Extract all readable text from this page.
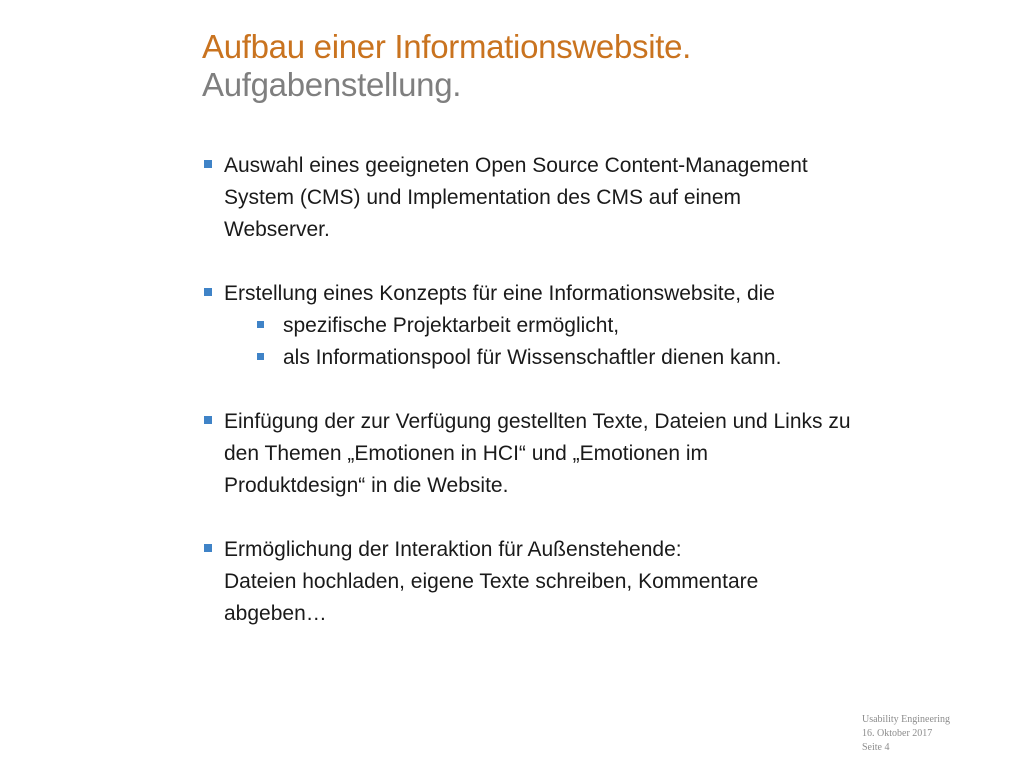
Aufbau einer Informationswebsite.
Aufgabenstellung.
Auswahl eines geeigneten Open Source Content-Management
System (CMS) und Implementation des CMS auf einem
Webserver.
Erstellung eines Konzepts für eine Informationswebsite, die
spezifische Projektarbeit ermöglicht,
als Informationspool für Wissenschaftler dienen kann.
Einfügung der zur Verfügung gestellten Texte, Dateien und Links zu
den Themen „Emotionen in HCI“ und „Emotionen im
Produktdesign“ in die Website.
Ermöglichung der Interaktion für Außenstehende:
Dateien hochladen, eigene Texte schreiben, Kommentare
abgeben…
Usability Engineering
16. Oktober 2017
Seite 4
